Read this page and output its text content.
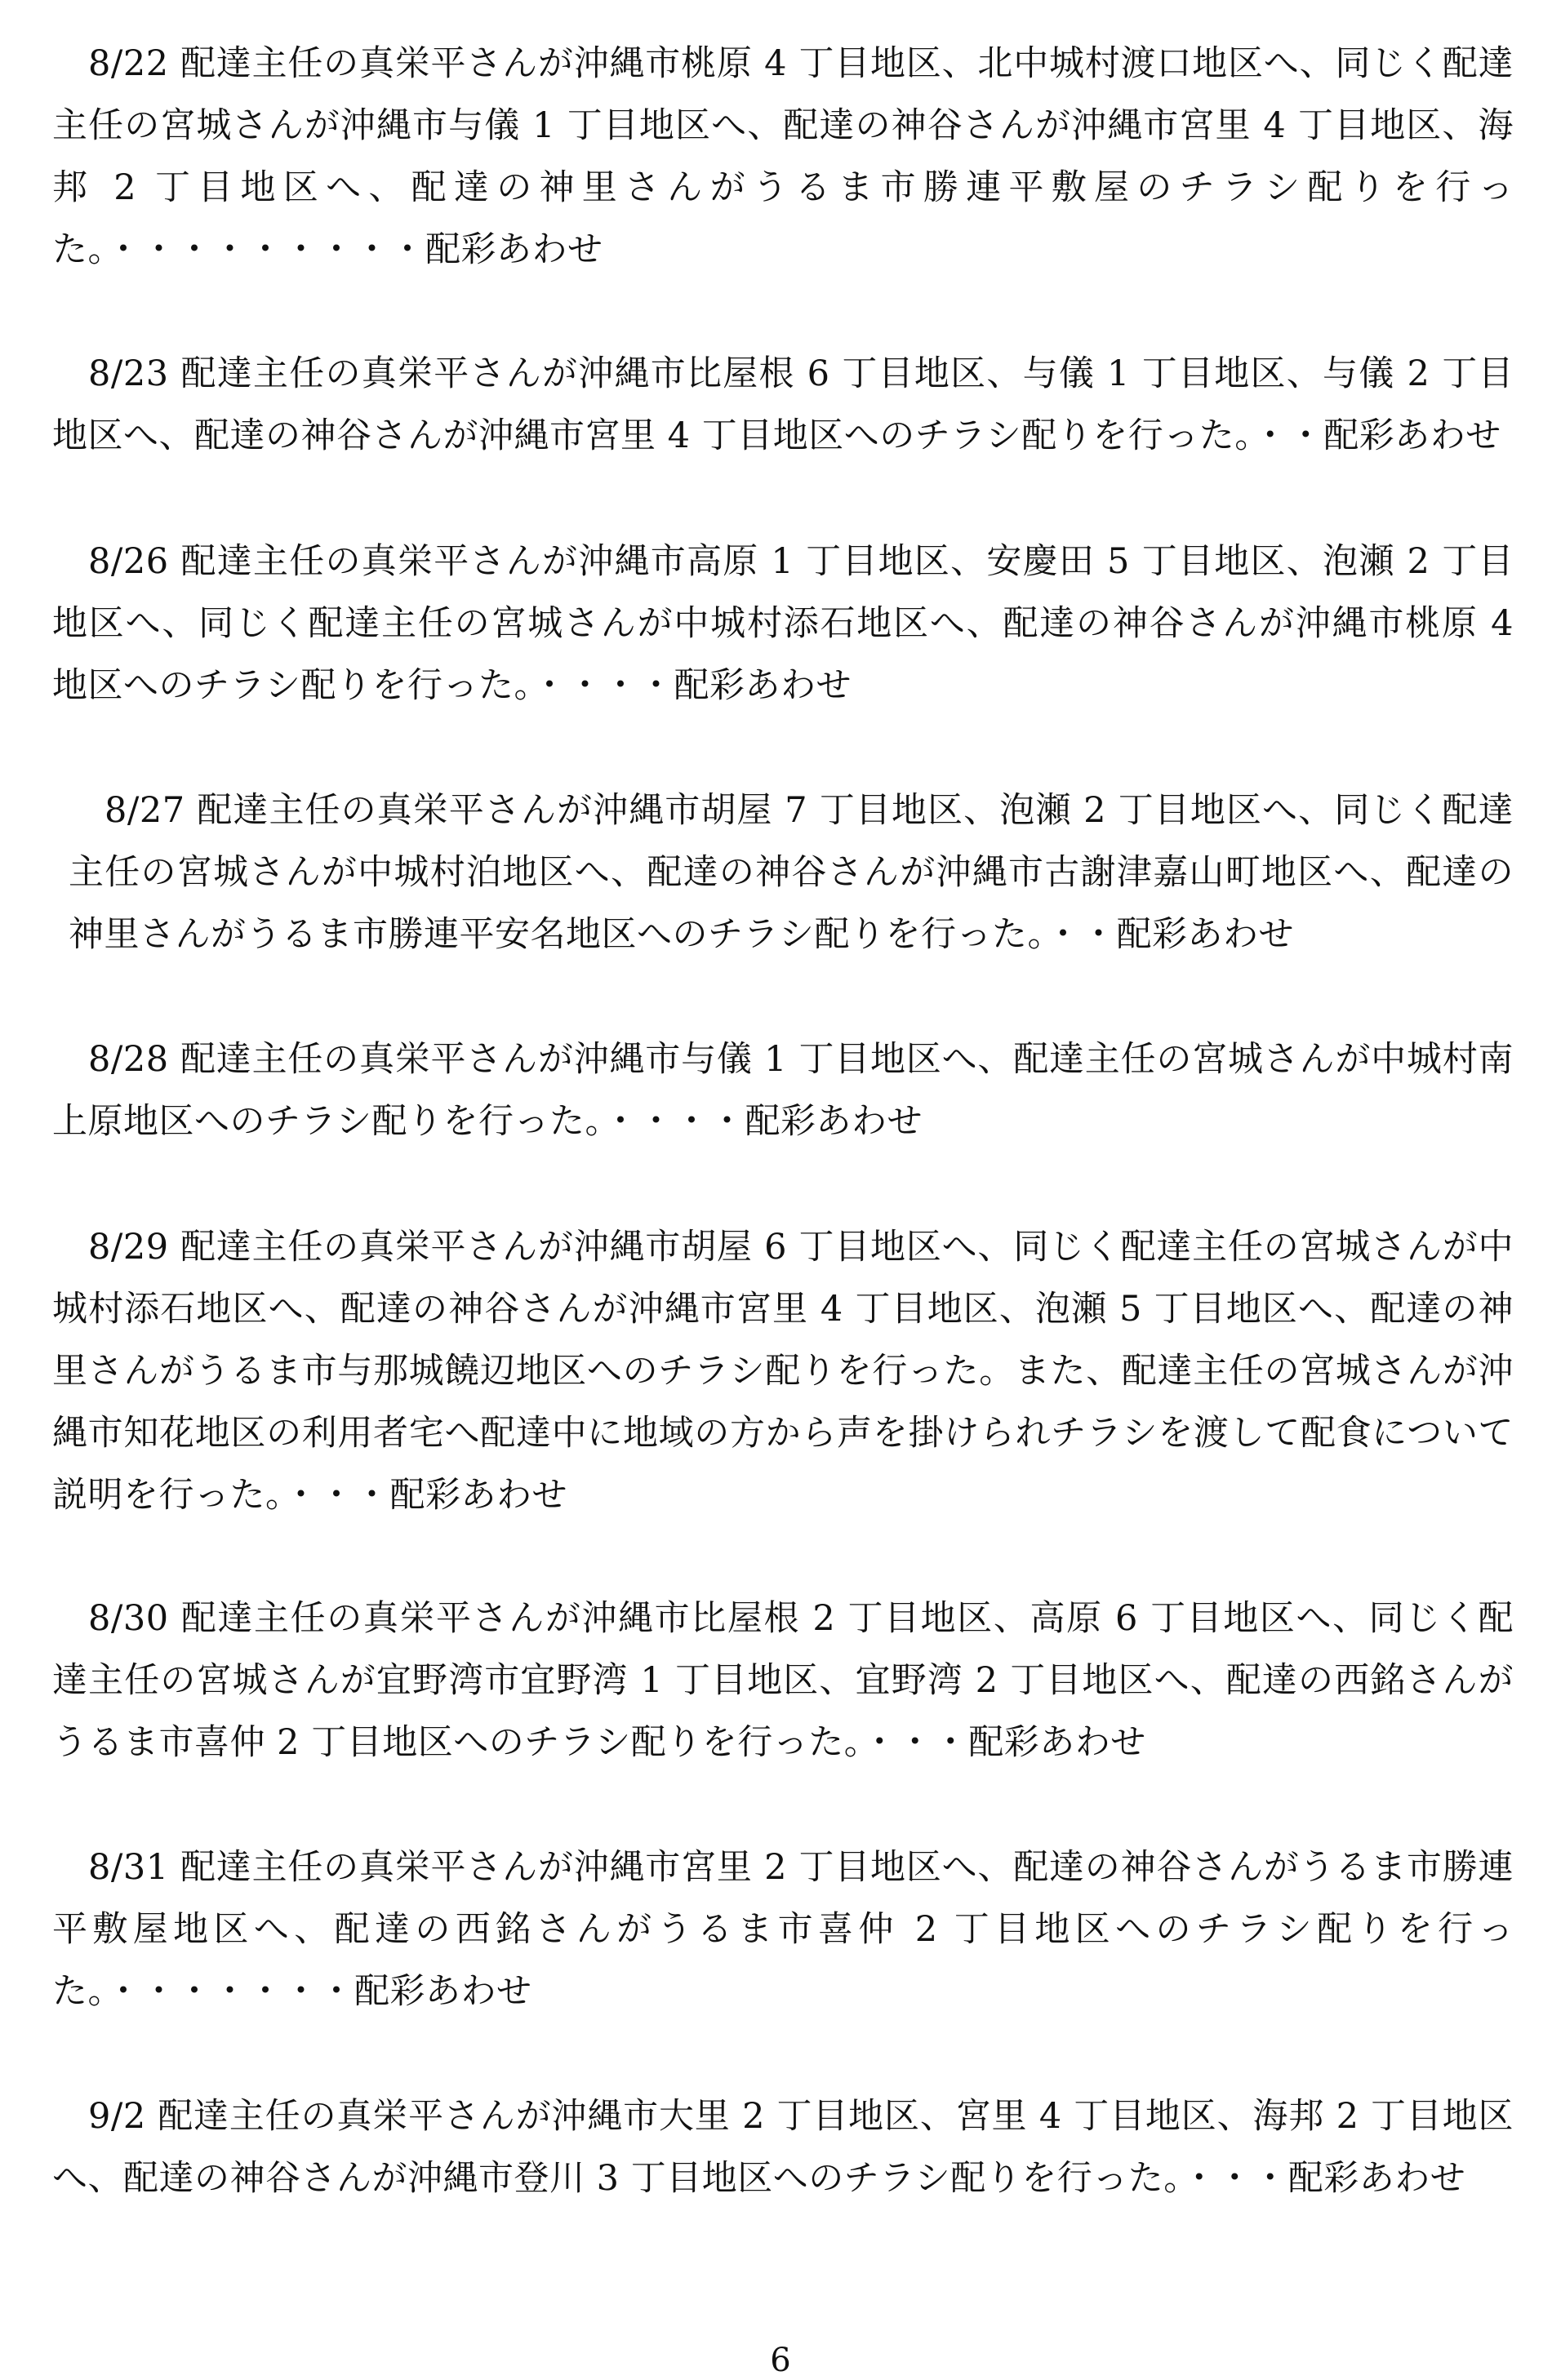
8/22 配達主任の真栄平さんが沖縄市桃原 4 丁目地区、北中城村渡口地区へ、同じく配達主任の宮城さんが沖縄市与儀 1 丁目地区へ、配達の神谷さんが沖縄市宮里 4 丁目地区、海邦 2 丁目地区へ、配達の神里さんがうるま市勝連平敷屋のチラシ配りを行った。・・・・・・・・・配彩あわせ

8/23 配達主任の真栄平さんが沖縄市比屋根 6 丁目地区、与儀 1 丁目地区、与儀 2 丁目地区へ、配達の神谷さんが沖縄市宮里 4 丁目地区へのチラシ配りを行った。・・配彩あわせ

8/26 配達主任の真栄平さんが沖縄市高原 1 丁目地区、安慶田 5 丁目地区、泡瀬 2 丁目地区へ、同じく配達主任の宮城さんが中城村添石地区へ、配達の神谷さんが沖縄市桃原 4 地区へのチラシ配りを行った。・・・・配彩あわせ

8/27 配達主任の真栄平さんが沖縄市胡屋 7 丁目地区、泡瀬 2 丁目地区へ、同じく配達主任の宮城さんが中城村泊地区へ、配達の神谷さんが沖縄市古謝津嘉山町地区へ、配達の神里さんがうるま市勝連平安名地区へのチラシ配りを行った。・・配彩あわせ

8/28 配達主任の真栄平さんが沖縄市与儀 1 丁目地区へ、配達主任の宮城さんが中城村南上原地区へのチラシ配りを行った。・・・・配彩あわせ

8/29 配達主任の真栄平さんが沖縄市胡屋 6 丁目地区へ、同じく配達主任の宮城さんが中城村添石地区へ、配達の神谷さんが沖縄市宮里 4 丁目地区、泡瀬 5 丁目地区へ、配達の神里さんがうるま市与那城饒辺地区へのチラシ配りを行った。また、配達主任の宮城さんが沖縄市知花地区の利用者宅へ配達中に地域の方から声を掛けられチラシを渡して配食について説明を行った。・・・配彩あわせ

8/30 配達主任の真栄平さんが沖縄市比屋根 2 丁目地区、高原 6 丁目地区へ、同じく配達主任の宮城さんが宜野湾市宜野湾 1 丁目地区、宜野湾 2 丁目地区へ、配達の西銘さんがうるま市喜仲 2 丁目地区へのチラシ配りを行った。・・・配彩あわせ

8/31 配達主任の真栄平さんが沖縄市宮里 2 丁目地区へ、配達の神谷さんがうるま市勝連平敷屋地区へ、配達の西銘さんがうるま市喜仲 2 丁目地区へのチラシ配りを行った。・・・・・・・配彩あわせ

9/2 配達主任の真栄平さんが沖縄市大里 2 丁目地区、宮里 4 丁目地区、海邦 2 丁目地区へ、配達の神谷さんが沖縄市登川 3 丁目地区へのチラシ配りを行った。・・・配彩あわせ

6
